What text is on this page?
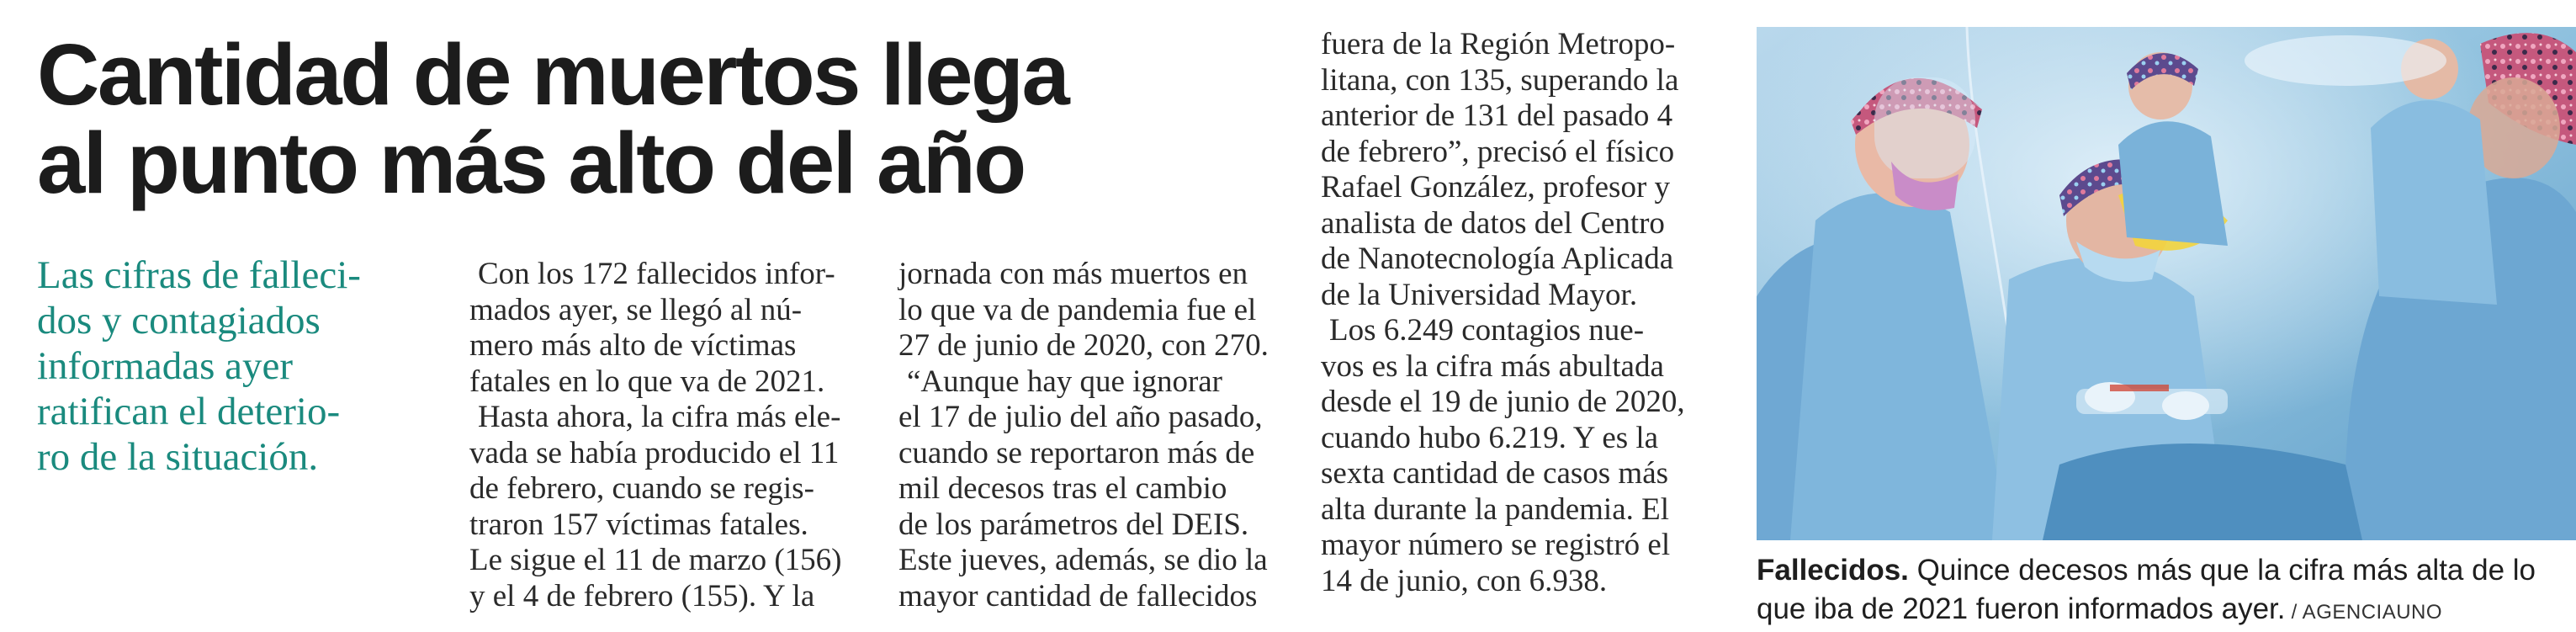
Cantidad de muertos llega
al punto más alto del año
Las cifras de falleci-
dos y contagiados
informadas ayer
ratifican el deterio-
ro de la situación.
Con los 172 fallecidos infor-
mados ayer, se llegó al nú-
mero más alto de víctimas
fatales en lo que va de 2021.
Hasta ahora, la cifra más ele-
vada se había producido el 11
de febrero, cuando se regis-
traron 157 víctimas fatales.
Le sigue el 11 de marzo (156)
y el 4 de febrero (155). Y la
jornada con más muertos en
lo que va de pandemia fue el
27 de junio de 2020, con 270.
“Aunque hay que ignorar
el 17 de julio del año pasado,
cuando se reportaron más de
mil decesos tras el cambio
de los parámetros del DEIS.
Este jueves, además, se dio la
mayor cantidad de fallecidos
fuera de la Región Metropo-
litana, con 135, superando la
anterior de 131 del pasado 4
de febrero”, precisó el físico
Rafael González, profesor y
analista de datos del Centro
de Nanotecnología Aplicada
de la Universidad Mayor.
Los 6.249 contagios nue-
vos es la cifra más abultada
desde el 19 de junio de 2020,
cuando hubo 6.219. Y es la
sexta cantidad de casos más
alta durante la pandemia. El
mayor número se registró el
14 de junio, con 6.938.	Fallecidos. Quince decesos más que la cifra más alta de lo
que iba de 2021 fueron informados ayer. / AGENCIAUNO
